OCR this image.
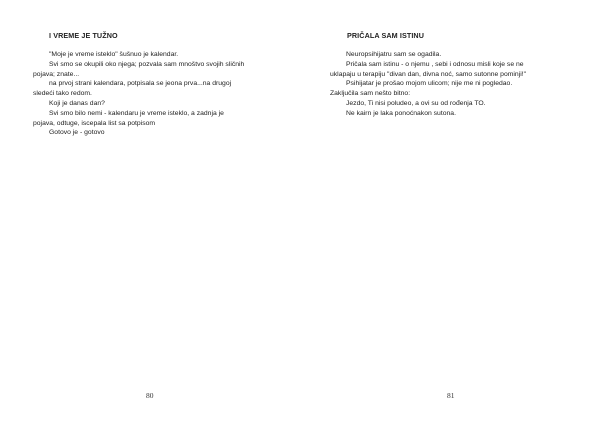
I VREME JE TUŽNO

"Moje je vreme isteklo" šušnuo je kalendar.

Svi smo se okupili oko njega; pozvala sam mnoštvo svojih sličnih

pojava; znate...

na prvoj strani kalendara, potpisala se jeona prva...na drugoj

sledeći tako redom.

Koji je danas dan?

Svi smo bilo nemi - kalendaru je vreme isteklo, a zadnja je

pojava, odtuge, iscepala list sa potpisom

Gotovo je - gotovo

80
PRIČALA SAM ISTINU

Neuropsihijatru sam se ogadila.

Pričala sam istinu - o njemu , sebi i odnosu misli koje se ne

uklapaju u terapiju "divan dan, divna noć, samo sutonne pominji!"

Psihijatar je prošao mojom ulicom; nije me ni pogledao.

Zaključila sam nešto bitno:

Jezdo, Ti nisi poludeo, a ovi su od rođenja TO.

Ne kairn je laka ponoćnakon sutona.

81
